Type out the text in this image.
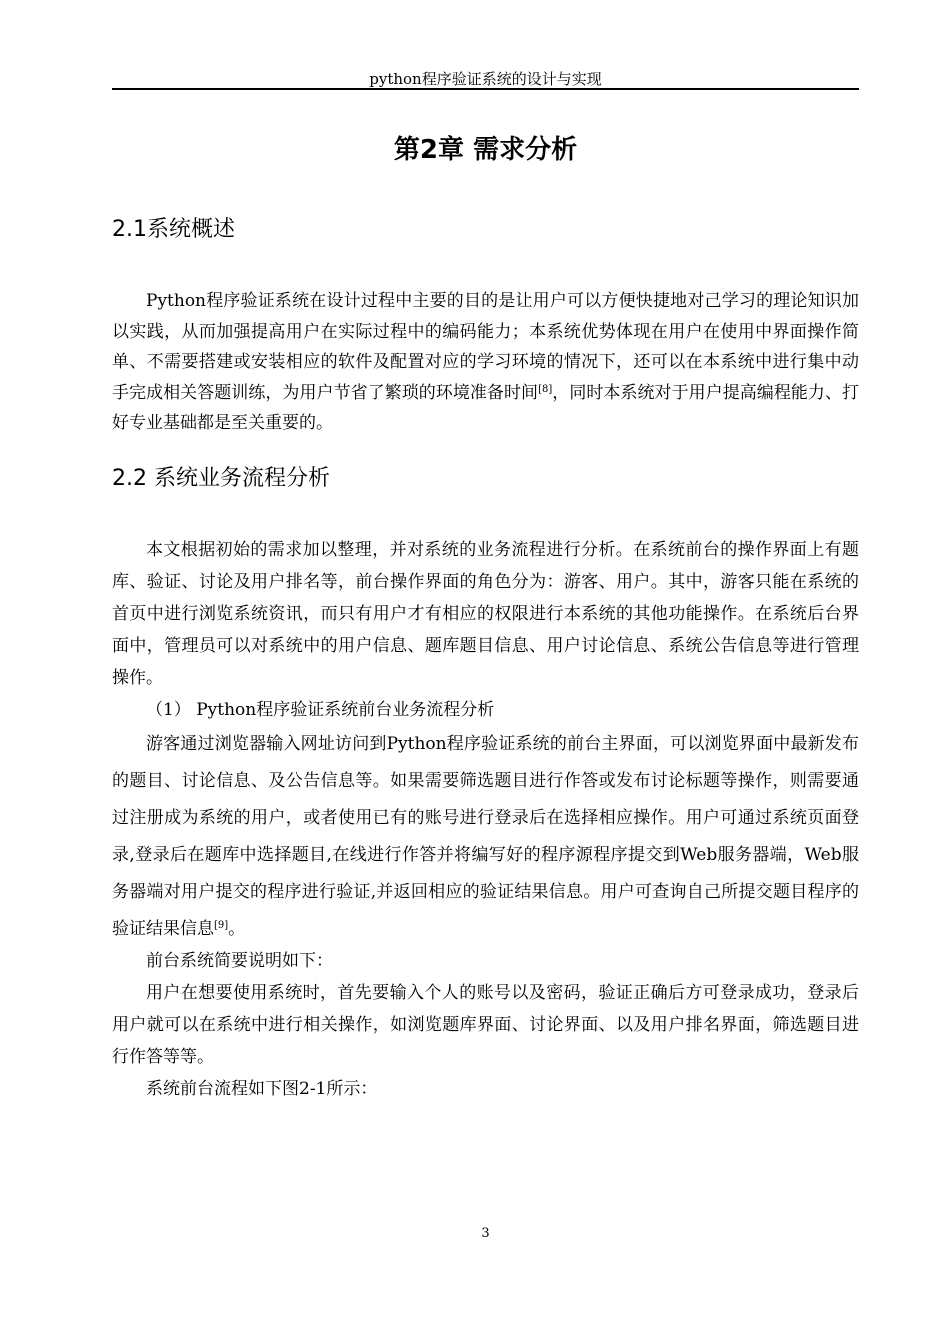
python程序验证系统的设计与实现
第2章 需求分析
2.1系统概述

Python程序验证系统在设计过程中主要的目的是让用户可以方便快捷地对己学习的理论知识加以实践，从而加强提高用户在实际过程中的编码能力；本系统优势体现在用户在使用中界面操作简单、不需要搭建或安装相应的软件及配置对应的学习环境的情况下，还可以在本系统中进行集中动手完成相关答题训练，为用户节省了繁琐的环境准备时间[8]，同时本系统对于用户提高编程能力、打好专业基础都是至关重要的。

2.2 系统业务流程分析

本文根据初始的需求加以整理，并对系统的业务流程进行分析。在系统前台的操作界面上有题库、验证、讨论及用户排名等，前台操作界面的角色分为：游客、用户。其中，游客只能在系统的首页中进行浏览系统资讯，而只有用户才有相应的权限进行本系统的其他功能操作。在系统后台界面中，管理员可以对系统中的用户信息、题库题目信息、用户讨论信息、系统公告信息等进行管理操作。

（1） Python程序验证系统前台业务流程分析

游客通过浏览器输入网址访问到Python程序验证系统的前台主界面，可以浏览界面中最新发布的题目、讨论信息、及公告信息等。如果需要筛选题目进行作答或发布讨论标题等操作，则需要通过注册成为系统的用户，或者使用已有的账号进行登录后在选择相应操作。用户可通过系统页面登录,登录后在题库中选择题目,在线进行作答并将编写好的程序源程序提交到Web服务器端，Web服务器端对用户提交的程序进行验证,并返回相应的验证结果信息。用户可查询自己所提交题目程序的验证结果信息[9]。

前台系统简要说明如下：

用户在想要使用系统时，首先要输入个人的账号以及密码，验证正确后方可登录成功，登录后用户就可以在系统中进行相关操作，如浏览题库界面、讨论界面、以及用户排名界面，筛选题目进行作答等等。

系统前台流程如下图2-1所示：

3
